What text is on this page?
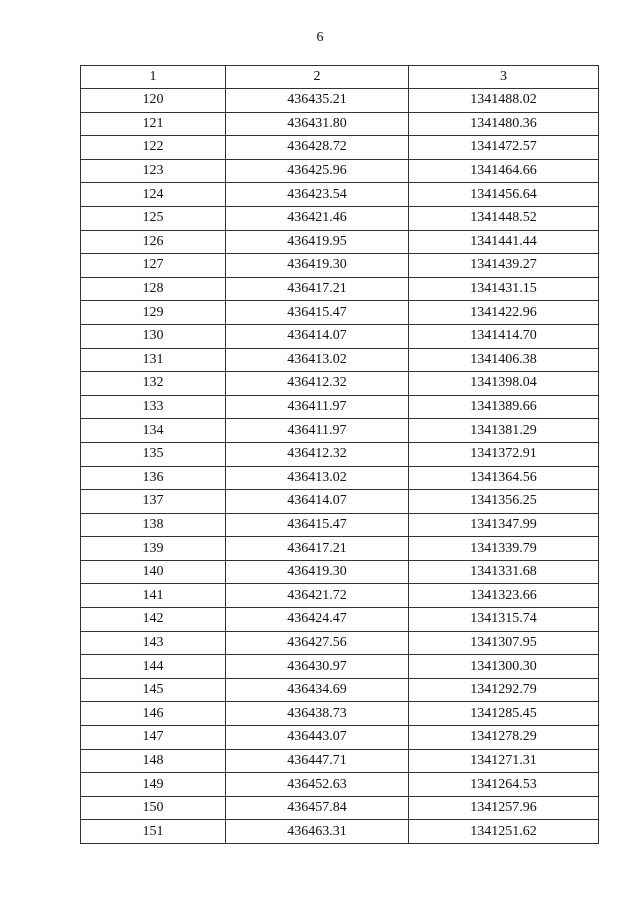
6
1	2	3
120	436435.21	1341488.02
121	436431.80	1341480.36
122	436428.72	1341472.57
123	436425.96	1341464.66
124	436423.54	1341456.64
125	436421.46	1341448.52
126	436419.95	1341441.44
127	436419.30	1341439.27
128	436417.21	1341431.15
129	436415.47	1341422.96
130	436414.07	1341414.70
131	436413.02	1341406.38
132	436412.32	1341398.04
133	436411.97	1341389.66
134	436411.97	1341381.29
135	436412.32	1341372.91
136	436413.02	1341364.56
137	436414.07	1341356.25
138	436415.47	1341347.99
139	436417.21	1341339.79
140	436419.30	1341331.68
141	436421.72	1341323.66
142	436424.47	1341315.74
143	436427.56	1341307.95
144	436430.97	1341300.30
145	436434.69	1341292.79
146	436438.73	1341285.45
147	436443.07	1341278.29
148	436447.71	1341271.31
149	436452.63	1341264.53
150	436457.84	1341257.96
151	436463.31	1341251.62
